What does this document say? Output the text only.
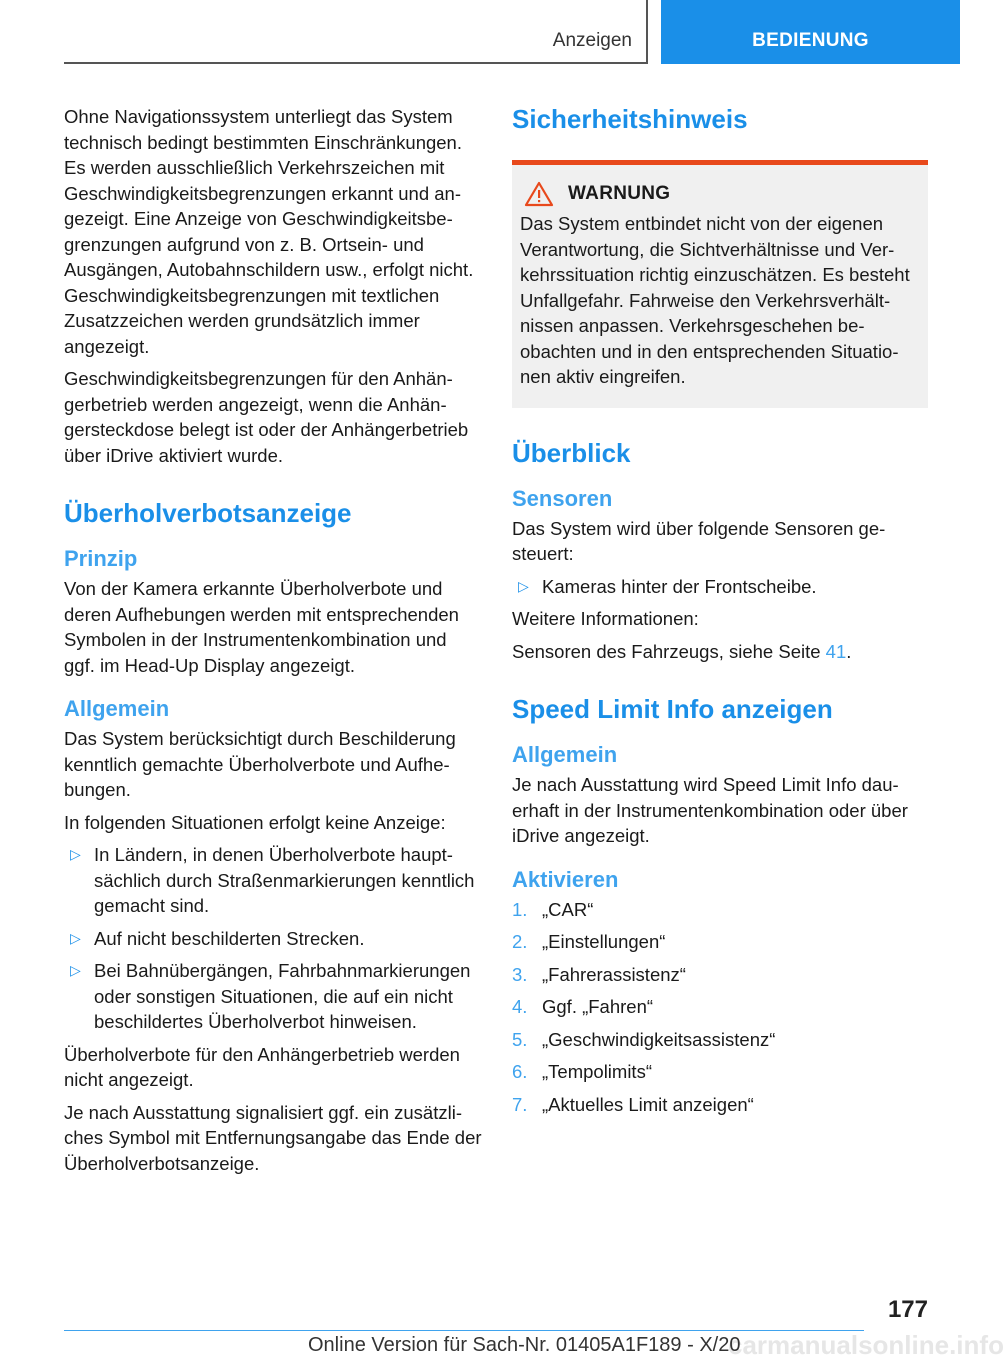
Anzeigen	BEDIENUNG

Ohne Navigationssystem unterliegt das System technisch bedingt bestimmten Einschränkungen. Es werden ausschließlich Verkehrszeichen mit Geschwindigkeitsbegrenzungen erkannt und angezeigt. Eine Anzeige von Geschwindigkeitsbegrenzungen aufgrund von z. B. Ortsein- und Ausgängen, Autobahnschildern usw., erfolgt nicht. Geschwindigkeitsbegrenzungen mit textlichen Zusatzzeichen werden grundsätzlich immer angezeigt.

Geschwindigkeitsbegrenzungen für den Anhängerbetrieb werden angezeigt, wenn die Anhängersteckdose belegt ist oder der Anhängerbetrieb über iDrive aktiviert wurde.

Überholverbotsanzeige
Prinzip

Von der Kamera erkannte Überholverbote und deren Aufhebungen werden mit entsprechenden Symbolen in der Instrumentenkombination und ggf. im Head-Up Display angezeigt.

Allgemein

Das System berücksichtigt durch Beschilderung kenntlich gemachte Überholverbote und Aufhebungen.

In folgenden Situationen erfolgt keine Anzeige:

▷ In Ländern, in denen Überholverbote hauptsächlich durch Straßenmarkierungen kenntlich gemacht sind.
▷ Auf nicht beschilderten Strecken.
▷ Bei Bahnübergängen, Fahrbahnmarkierungen oder sonstigen Situationen, die auf ein nicht beschildertes Überholverbot hinweisen.

Überholverbote für den Anhängerbetrieb werden nicht angezeigt.

Je nach Ausstattung signalisiert ggf. ein zusätzliches Symbol mit Entfernungsangabe das Ende der Überholverbotsanzeige.

Sicherheitshinweis
WARNUNG

Das System entbindet nicht von der eigenen Verantwortung, die Sichtverhältnisse und Verkehrssituation richtig einzuschätzen. Es besteht Unfallgefahr. Fahrweise den Verkehrsverhältnissen anpassen. Verkehrsgeschehen beobachten und in den entsprechenden Situationen aktiv eingreifen.

Überblick
Sensoren

Das System wird über folgende Sensoren gesteuert:

▷ Kameras hinter der Frontscheibe.

Weitere Informationen:

Sensoren des Fahrzeugs, siehe Seite 41.

Speed Limit Info anzeigen
Allgemein

Je nach Ausstattung wird Speed Limit Info dauerhaft in der Instrumentenkombination oder über iDrive angezeigt.

Aktivieren
1. „CAR“
2. „Einstellungen“
3. „Fahrerassistenz“
4. Ggf. „Fahren“
5. „Geschwindigkeitsassistenz“
6. „Tempolimits“
7. „Aktuelles Limit anzeigen“
177
carmanualsonline.info
Online Version für Sach-Nr. 01405A1F189 - X/20
